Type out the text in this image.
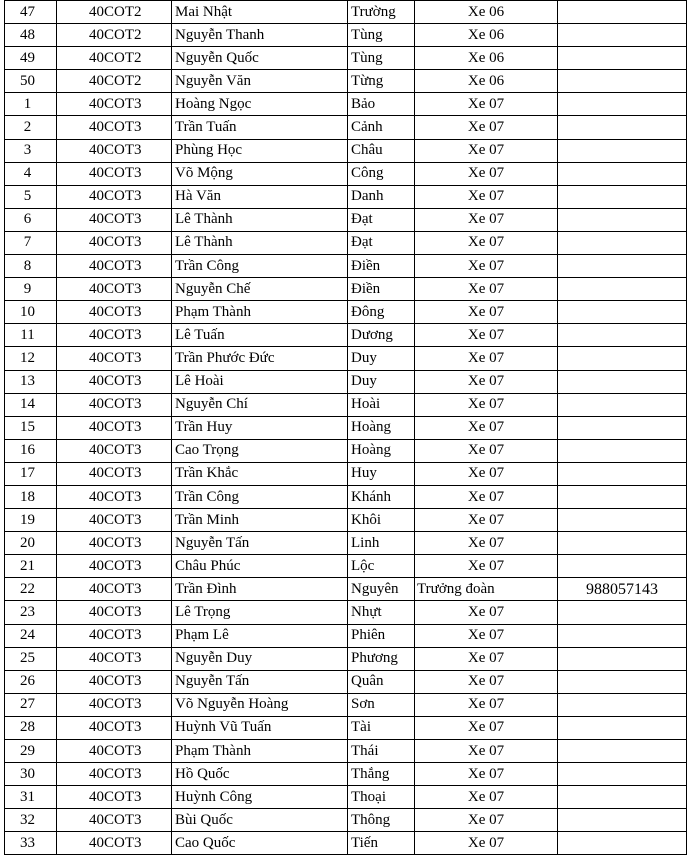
47	40COT2	Mai Nhật	Trường	Xe 06	
48	40COT2	Nguyễn Thanh	Tùng	Xe 06	
49	40COT2	Nguyễn Quốc	Tùng	Xe 06	
50	40COT2	Nguyễn Văn	Từng	Xe 06	
1	40COT3	Hoàng Ngọc	Bảo	Xe 07	
2	40COT3	Trần Tuấn	Cảnh	Xe 07	
3	40COT3	Phùng Học	Châu	Xe 07	
4	40COT3	Võ Mộng	Công	Xe 07	
5	40COT3	Hà Văn	Danh	Xe 07	
6	40COT3	Lê Thành	Đạt	Xe 07	
7	40COT3	Lê Thành	Đạt	Xe 07	
8	40COT3	Trần Công	Điền	Xe 07	
9	40COT3	Nguyễn Chế	Điền	Xe 07	
10	40COT3	Phạm Thành	Đông	Xe 07	
11	40COT3	Lê Tuấn	Dương	Xe 07	
12	40COT3	Trần Phước Đức	Duy	Xe 07	
13	40COT3	Lê Hoài	Duy	Xe 07	
14	40COT3	Nguyễn Chí	Hoài	Xe 07	
15	40COT3	Trần Huy	Hoàng	Xe 07	
16	40COT3	Cao Trọng	Hoàng	Xe 07	
17	40COT3	Trần Khắc	Huy	Xe 07	
18	40COT3	Trần Công	Khánh	Xe 07	
19	40COT3	Trần Minh	Khôi	Xe 07	
20	40COT3	Nguyễn Tấn	Linh	Xe 07	
21	40COT3	Châu Phúc	Lộc	Xe 07	
22	40COT3	Trần Đình	Nguyên	Trưởng đoàn	988057143
23	40COT3	Lê Trọng	Nhựt	Xe 07	
24	40COT3	Phạm Lê	Phiên	Xe 07	
25	40COT3	Nguyễn Duy	Phương	Xe 07	
26	40COT3	Nguyễn Tấn	Quân	Xe 07	
27	40COT3	Võ Nguyễn Hoàng	Sơn	Xe 07	
28	40COT3	Huỳnh Vũ Tuấn	Tài	Xe 07	
29	40COT3	Phạm Thành	Thái	Xe 07	
30	40COT3	Hồ Quốc	Thắng	Xe 07	
31	40COT3	Huỳnh Công	Thoại	Xe 07	
32	40COT3	Bùi Quốc	Thông	Xe 07	
33	40COT3	Cao Quốc	Tiến	Xe 07	
